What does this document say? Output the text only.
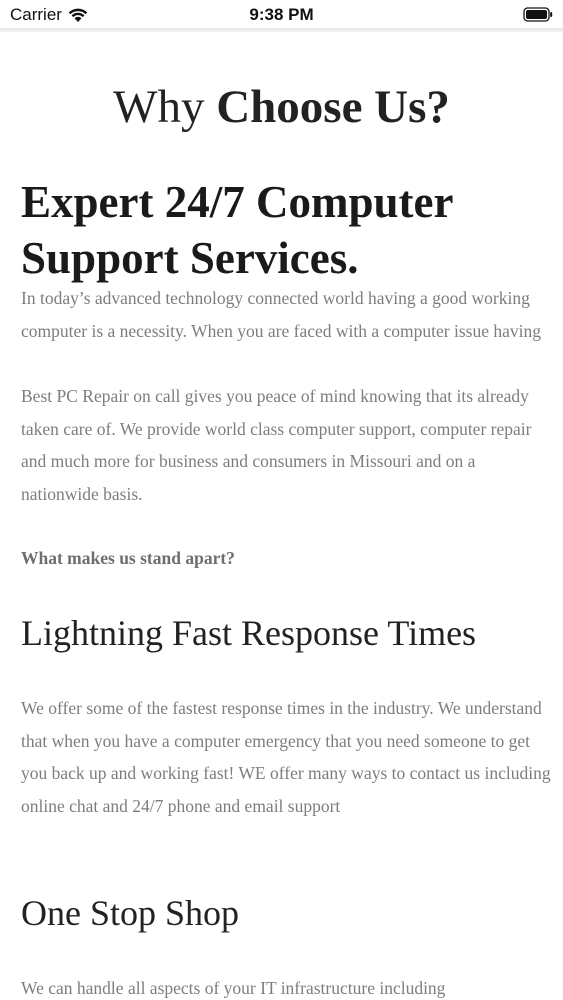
Carrier	9:38 PM
Why Choose Us?
Expert 24/7 Computer Support Services.

In today’s advanced technology connected world having a good working computer is a necessity. When you are faced with a computer issue having

Best PC Repair on call gives you peace of mind knowing that its already taken care of. We provide world class computer support, computer repair and much more for business and consumers in Missouri and on a nationwide basis.

What makes us stand apart?

Lightning Fast Response Times

We offer some of the fastest response times in the industry. We understand that when you have a computer emergency that you need someone to get you back up and working fast! WE offer many ways to contact us including online chat and 24/7 phone and email support

One Stop Shop

We can handle all aspects of your IT infrastructure including
